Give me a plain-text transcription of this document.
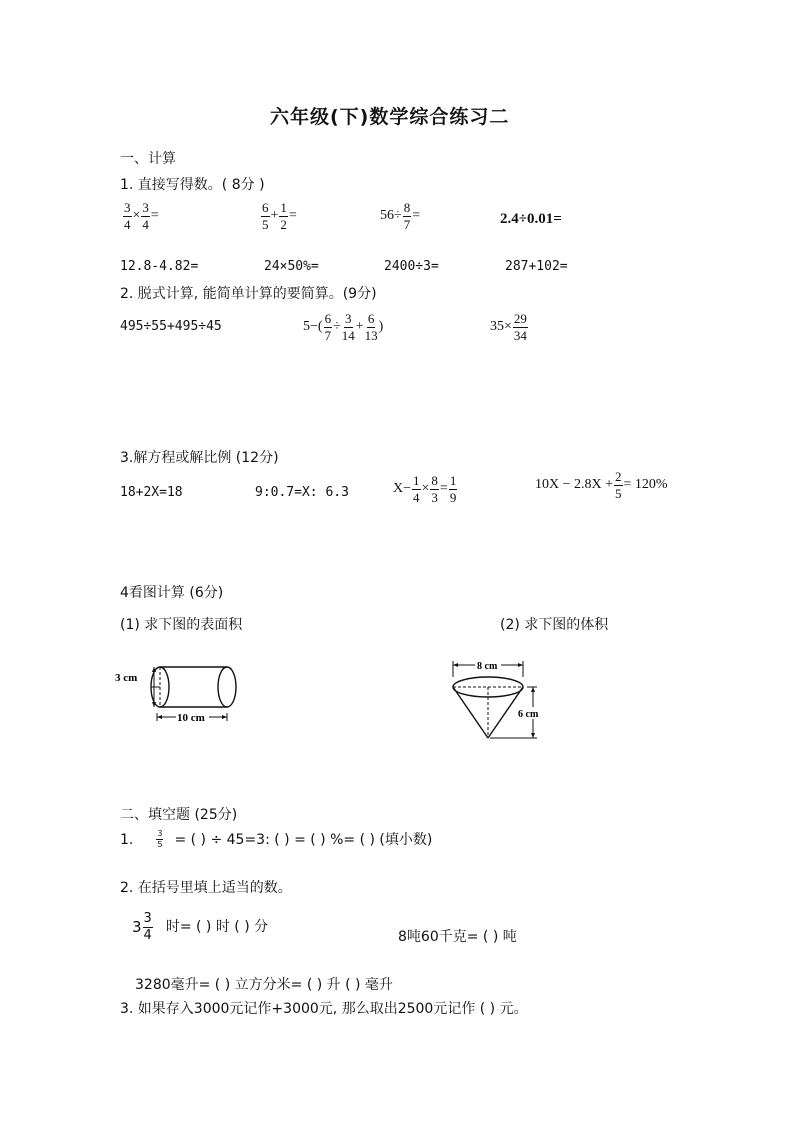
六年级(下)数学综合练习二
一、计算
1. 直接写得数。( 8分 )
$\frac{3}{4} \times \frac{3}{4}$ =	$\frac{6}{5} + \frac{1}{2}$ =	$56\div \frac{8}{7}$ =	2.4÷0.01=
12.8-4.82=	24×50%=	2400÷3=	287+102=
2. 脱式计算, 能简单计算的要简算。(9分)
495÷55+495÷45	$5-( \frac{6}{7} \div \frac{3}{14} + \frac{6}{13}$ )	$35\times \frac{29}{34}$
3.解方程或解比例 (12分)
18+2X=18	9:0.7=X: 6.3	$X- \frac{1}{4} \times \frac{8}{3} = \frac{1}{9}$	$10X - 2.8X + \frac{2}{5} = 120\%$
4看图计算 (6分)
(1) 求下图的表面积	(2) 求下图的体积
3 cm
10 cm
8 cm
6 cm
二、填空题 (25分)
1.	$\frac{3}{5}$ = ( ) ÷ 45=3: ( ) = ( ) %= ( ) (填小数)
2. 在括号里填上适当的数。
$3 \frac{3}{4}$ 时= ( ) 时 ( ) 分
8吨60千克= ( ) 吨
3280毫升= ( ) 立方分米= ( ) 升 ( ) 毫升
3. 如果存入3000元记作+3000元, 那么取出2500元记作 ( ) 元。
